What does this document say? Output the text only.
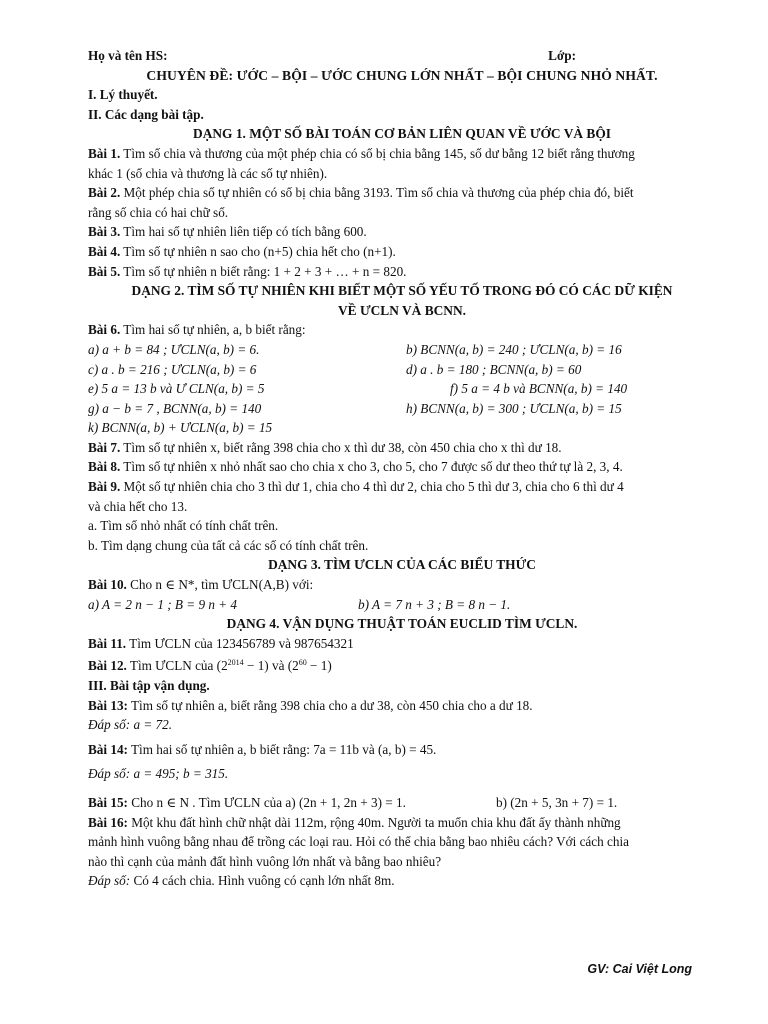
Họ và tên HS:	Lớp:
CHUYÊN ĐỀ: ƯỚC – BỘI – ƯỚC CHUNG LỚN NHẤT – BỘI CHUNG NHỎ NHẤT.
I. Lý thuyết.
II. Các dạng bài tập.
DẠNG 1. MỘT SỐ BÀI TOÁN CƠ BẢN LIÊN QUAN VỀ ƯỚC VÀ BỘI
Bài 1. Tìm số chia và thương của một phép chia có số bị chia bằng 145, số dư bằng 12 biết rằng thương
khác 1 (số chia và thương là các số tự nhiên).
Bài 2. Một phép chia số tự nhiên có số bị chia bằng 3193. Tìm số chia và thương của phép chia đó, biết
rằng số chia có hai chữ số.
Bài 3. Tìm hai số tự nhiên liên tiếp có tích bằng 600.
Bài 4. Tìm số tự nhiên n sao cho (n+5) chia hết cho (n+1).
Bài 5. Tìm số tự nhiên n biết rằng: 1 + 2 + 3 + … + n = 820.
DẠNG 2. TÌM SỐ TỰ NHIÊN KHI BIẾT MỘT SỐ YẾU TỐ TRONG ĐÓ CÓ CÁC DỮ KIỆN
VỀ ƯCLN VÀ BCNN.
Bài 6. Tìm hai số tự nhiên, a, b biết rằng:
a) a + b = 84 ; ƯCLN(a, b) = 6.	b) BCNN(a, b) = 240 ; ƯCLN(a, b) = 16
c) a . b = 216 ; ƯCLN(a, b) = 6	d) a . b = 180 ; BCNN(a, b) = 60
e) 5 a = 13 b và Ư CLN(a, b) = 5	f) 5 a = 4 b và BCNN(a, b) = 140
g) a − b = 7 , BCNN(a, b) = 140	h) BCNN(a, b) = 300 ; ƯCLN(a, b) = 15
k) BCNN(a, b) + ƯCLN(a, b) = 15
Bài 7. Tìm số tự nhiên x, biết rằng 398 chia cho x thì dư 38, còn 450 chia cho x thì dư 18.
Bài 8. Tìm số tự nhiên x nhỏ nhất sao cho chia x cho 3, cho 5, cho 7 được số dư theo thứ tự là 2, 3, 4.
Bài 9. Một số tự nhiên chia cho 3 thì dư 1, chia cho 4 thì dư 2, chia cho 5 thì dư 3, chia cho 6 thì dư 4
và chia hết cho 13.
a. Tìm số nhỏ nhất có tính chất trên.
b. Tìm dạng chung của tất cả các số có tính chất trên.
DẠNG 3. TÌM ƯCLN CỦA CÁC BIỂU THỨC
Bài 10. Cho n ∈ N*, tìm ƯCLN(A,B) với:
a) A = 2 n − 1 ; B = 9 n + 4	b) A = 7 n + 3 ; B = 8 n − 1.
DẠNG 4. VẬN DỤNG THUẬT TOÁN EUCLID TÌM ƯCLN.
Bài 11. Tìm ƯCLN của 123456789 và 987654321
Bài 12. Tìm ƯCLN của $(2^{2014} - 1)$ và $(2^{60} - 1)$
III. Bài tập vận dụng.
Bài 13: Tìm số tự nhiên a, biết rằng 398 chia cho a dư 38, còn 450 chia cho a dư 18.
Đáp số: a = 72.
Bài 14: Tìm hai số tự nhiên a, b biết rằng: 7a = 11b và (a, b) = 45.
Đáp số: a = 495; b = 315.
Bài 15: Cho n ∈ N . Tìm ƯCLN của a) (2n + 1, 2n + 3) = 1.	b) (2n + 5, 3n + 7) = 1.
Bài 16: Một khu đất hình chữ nhật dài 112m, rộng 40m. Người ta muốn chia khu đất ấy thành những
mảnh hình vuông bằng nhau để trồng các loại rau. Hỏi có thể chia bằng bao nhiêu cách? Với cách chia
nào thì cạnh của mảnh đất hình vuông lớn nhất và bằng bao nhiêu?
Đáp số: Có 4 cách chia. Hình vuông có cạnh lớn nhất 8m.
GV: Cai Việt Long
